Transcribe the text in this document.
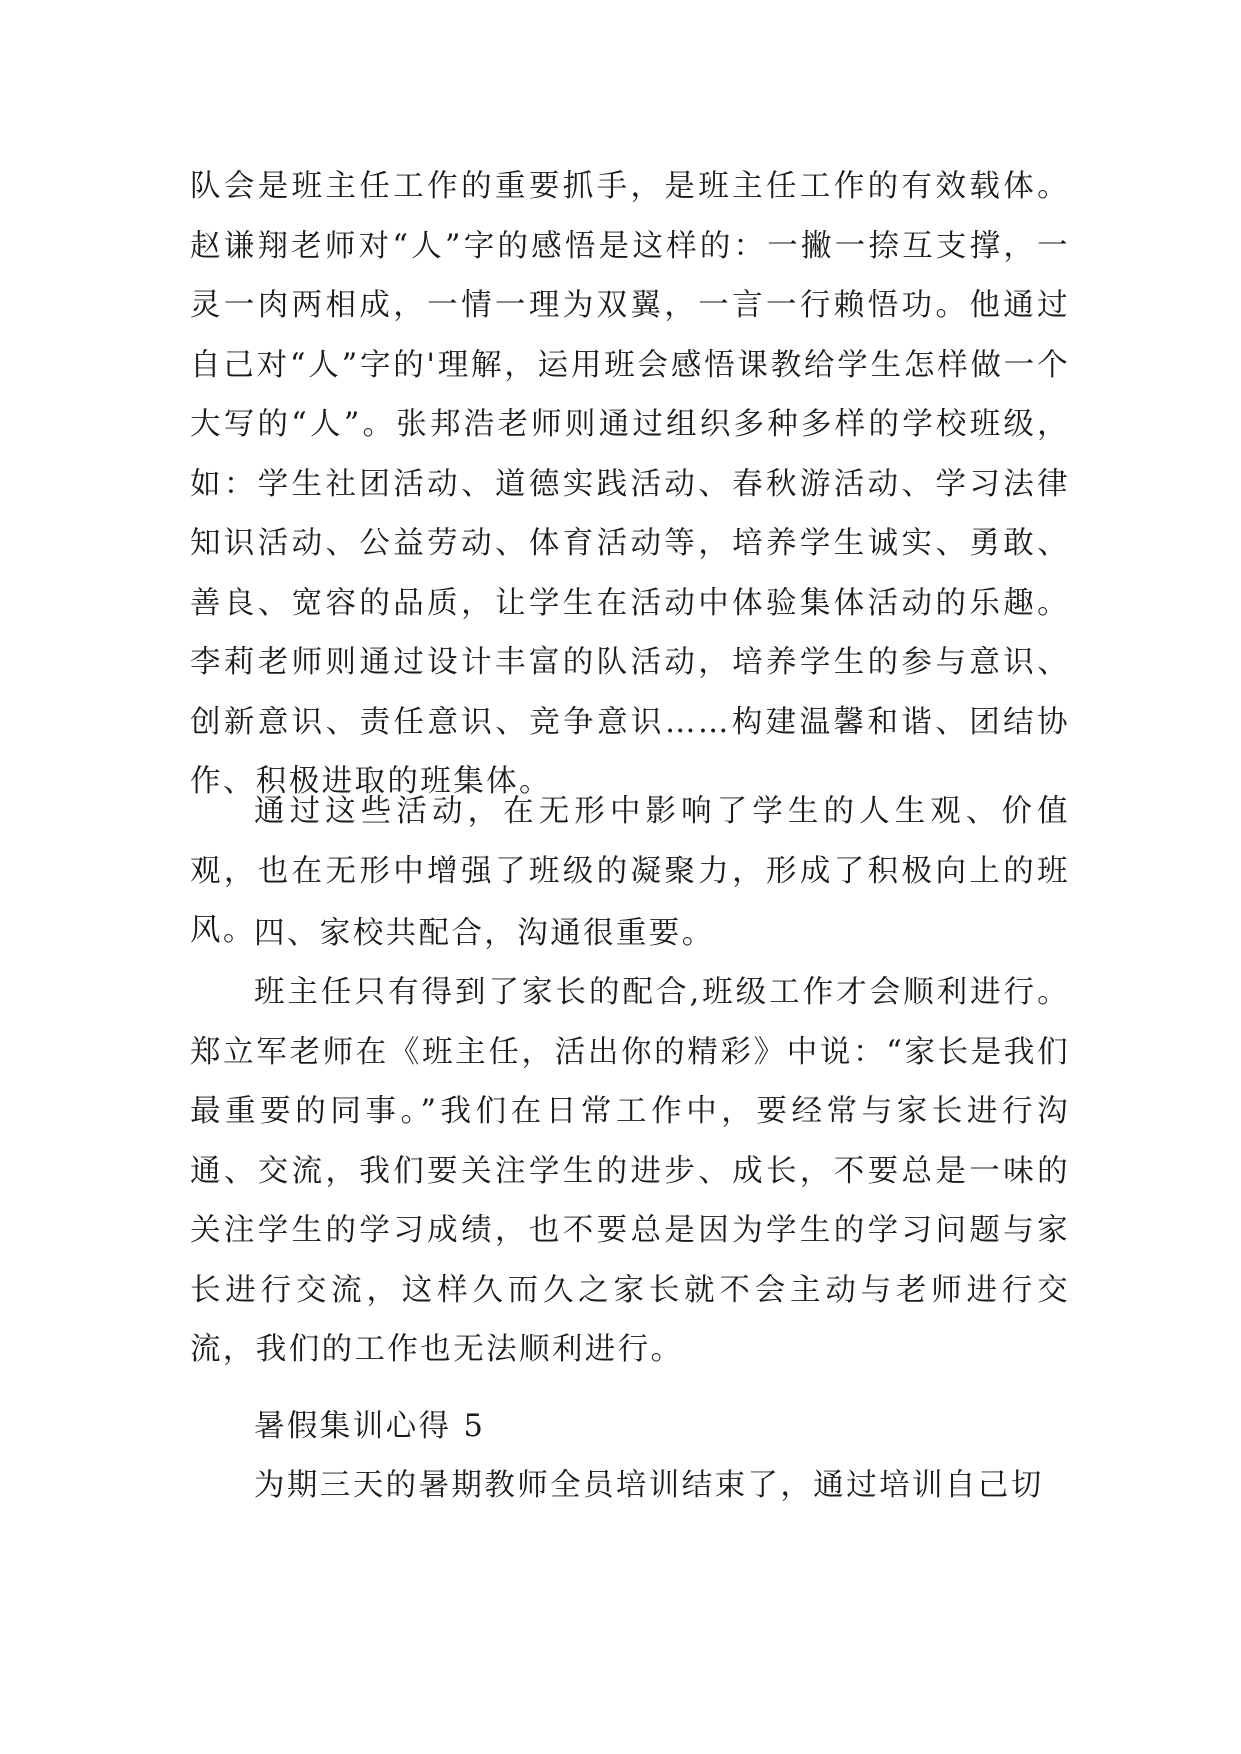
队会是班主任工作的重要抓手，是班主任工作的有效载体。赵谦翔老师对“人”字的感悟是这样的：一撇一捺互支撑，一灵一肉两相成，一情一理为双翼，一言一行赖悟功。他通过自己对“人”字的'理解，运用班会感悟课教给学生怎样做一个大写的“人”。张邦浩老师则通过组织多种多样的学校班级，如：学生社团活动、道德实践活动、春秋游活动、学习法律知识活动、公益劳动、体育活动等，培养学生诚实、勇敢、善良、宽容的品质，让学生在活动中体验集体活动的乐趣。李莉老师则通过设计丰富的队活动，培养学生的参与意识、创新意识、责任意识、竞争意识……构建温馨和谐、团结协作、积极进取的班集体。

通过这些活动，在无形中影响了学生的人生观、价值观，也在无形中增强了班级的凝聚力，形成了积极向上的班风。

四、家校共配合，沟通很重要。

班主任只有得到了家长的配合,班级工作才会顺利进行。郑立军老师在《班主任，活出你的精彩》中说：“家长是我们最重要的同事。”我们在日常工作中，要经常与家长进行沟通、交流，我们要关注学生的进步、成长，不要总是一味的关注学生的学习成绩，也不要总是因为学生的学习问题与家长进行交流，这样久而久之家长就不会主动与老师进行交流，我们的工作也无法顺利进行。

暑假集训心得 5

为期三天的暑期教师全员培训结束了，通过培训自己切
